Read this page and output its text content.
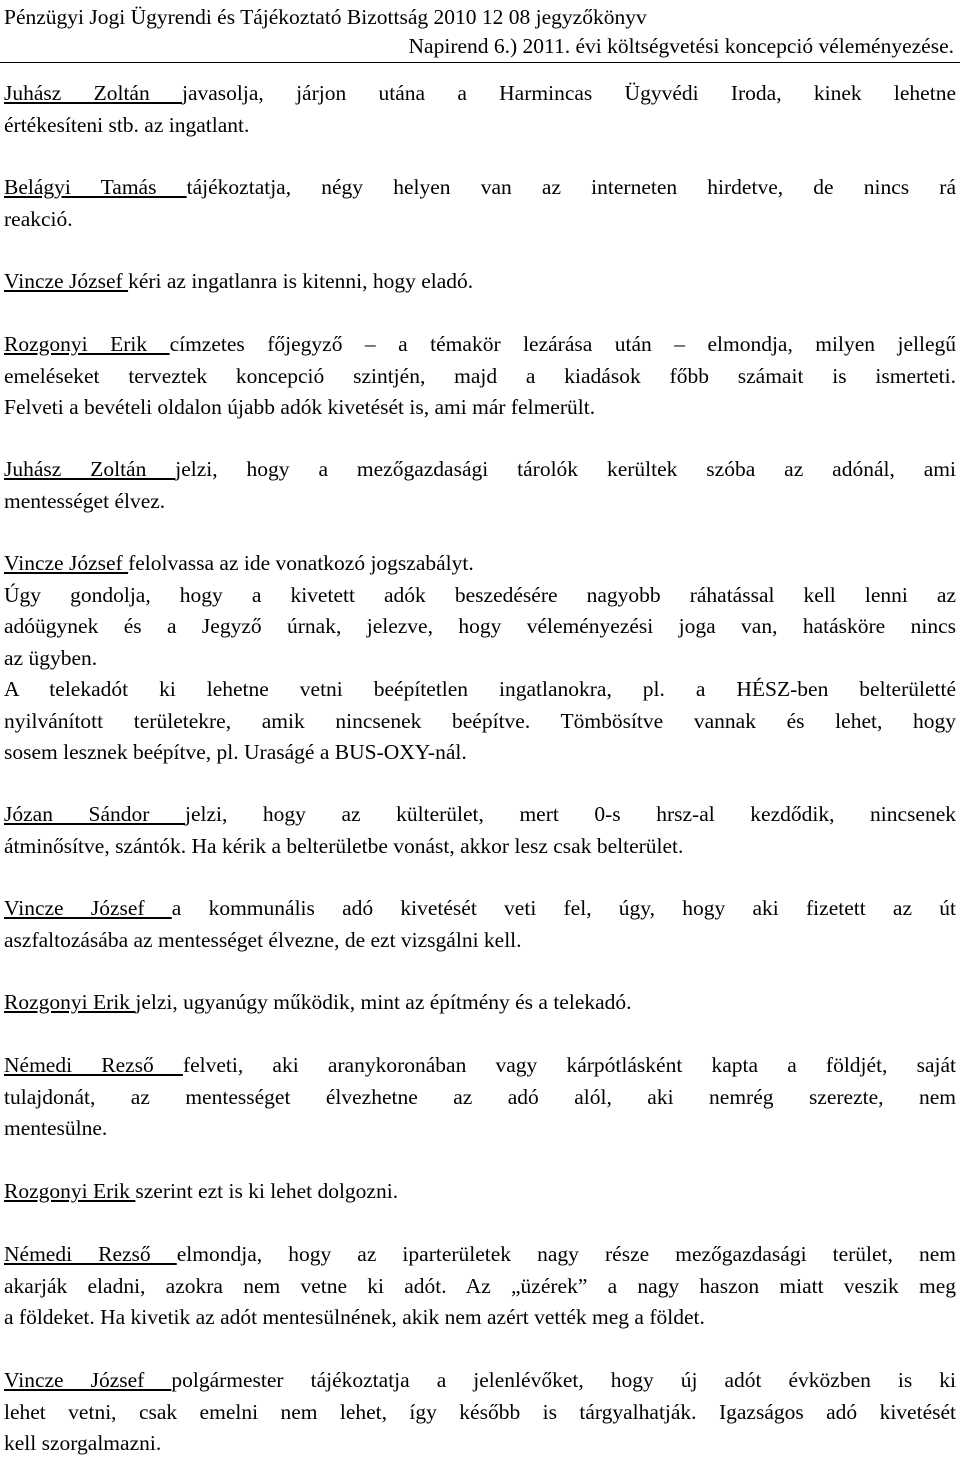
Pénzügyi Jogi Ügyrendi és Tájékoztató Bizottság 2010 12 08 jegyzőkönyv
Napirend 6.) 2011. évi költségvetési koncepció véleményezése.
Juhász Zoltán javasolja, járjon utána a Harmincas Ügyvédi Iroda, kinek lehetne
értékesíteni stb. az ingatlant.
Belágyi Tamás tájékoztatja, négy helyen van az interneten hirdetve, de nincs rá
reakció.
Vincze József kéri az ingatlanra is kitenni, hogy eladó.
Rozgonyi Erik címzetes főjegyző – a témakör lezárása után – elmondja, milyen jellegű
emeléseket terveztek koncepció szintjén, majd a kiadások főbb számait is ismerteti.
Felveti a bevételi oldalon újabb adók kivetését is, ami már felmerült.
Juhász Zoltán jelzi, hogy a mezőgazdasági tárolók kerültek szóba az adónál, ami
mentességet élvez.
Vincze József felolvassa az ide vonatkozó jogszabályt.
Úgy gondolja, hogy a kivetett adók beszedésére nagyobb ráhatással kell lenni az
adóügynek és a Jegyző úrnak, jelezve, hogy véleményezési joga van, hatásköre nincs
az ügyben.
A telekadót ki lehetne vetni beépítetlen ingatlanokra, pl. a HÉSZ-ben belterületté
nyilvánított területekre, amik nincsenek beépítve. Tömbösítve vannak és lehet, hogy
sosem lesznek beépítve, pl. Uraságé a BUS-OXY-nál.
Józan Sándor jelzi, hogy az külterület, mert 0-s hrsz-al kezdődik, nincsenek
átminősítve, szántók. Ha kérik a belterületbe vonást, akkor lesz csak belterület.
Vincze József a kommunális adó kivetését veti fel, úgy, hogy aki fizetett az út
aszfaltozásába az mentességet élvezne, de ezt vizsgálni kell.
Rozgonyi Erik jelzi, ugyanúgy működik, mint az építmény és a telekadó.
Némedi Rezső felveti, aki aranykoronában vagy kárpótlásként kapta a földjét, saját
tulajdonát, az mentességet élvezhetne az adó alól, aki nemrég szerezte, nem
mentesülne.
Rozgonyi Erik szerint ezt is ki lehet dolgozni.
Némedi Rezső elmondja, hogy az iparterületek nagy része mezőgazdasági terület, nem
akarják eladni, azokra nem vetne ki adót. Az „üzérek” a nagy haszon miatt veszik meg
a földeket. Ha kivetik az adót mentesülnének, akik nem azért vették meg a földet.
Vincze József polgármester tájékoztatja a jelenlévőket, hogy új adót évközben is ki
lehet vetni, csak emelni nem lehet, így később is tárgyalhatják. Igazságos adó kivetését
kell szorgalmazni.
